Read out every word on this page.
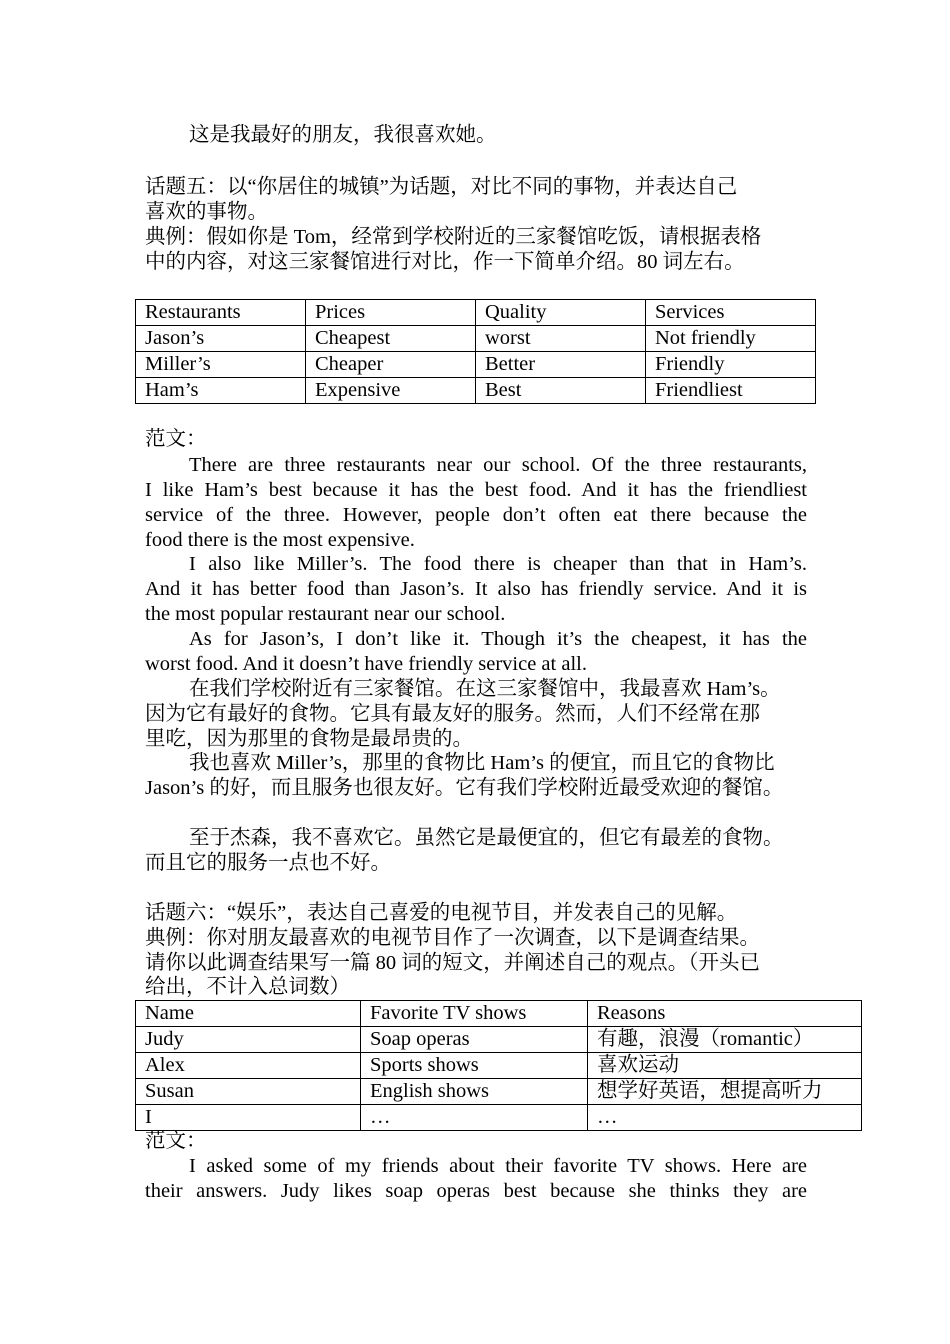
这是我最好的朋友，我很喜欢她。
话题五：以“你居住的城镇”为话题，对比不同的事物，并表达自己
喜欢的事物。
典例：假如你是 Tom，经常到学校附近的三家餐馆吃饭，请根据表格
中的内容，对这三家餐馆进行对比，作一下简单介绍。80 词左右。
Restaurants	Prices	Quality	Services
Jason’s	Cheapest	worst	Not friendly
Miller’s	Cheaper	Better	Friendly
Ham’s	Expensive	Best	Friendliest
范文：
There are three restaurants near our school. Of the three restaurants,
I like Ham’s best because it has the best food. And it has the friendliest
service of the three. However, people don’t often eat there because the
food there is the most expensive.
I also like Miller’s. The food there is cheaper than that in Ham’s.
And it has better food than Jason’s. It also has friendly service. And it is
the most popular restaurant near our school.
As for Jason’s, I don’t like it. Though it’s the cheapest, it has the
worst food. And it doesn’t have friendly service at all.
在我们学校附近有三家餐馆。在这三家餐馆中，我最喜欢 Ham’s。
因为它有最好的食物。它具有最友好的服务。然而，人们不经常在那
里吃，因为那里的食物是最昂贵的。
我也喜欢 Miller’s，那里的食物比 Ham’s 的便宜，而且它的食物比
Jason’s 的好，而且服务也很友好。它有我们学校附近最受欢迎的餐馆。
至于杰森，我不喜欢它。虽然它是最便宜的，但它有最差的食物。
而且它的服务一点也不好。
话题六：“娱乐”，表达自己喜爱的电视节目，并发表自己的见解。
典例：你对朋友最喜欢的电视节目作了一次调查，以下是调查结果。
请你以此调查结果写一篇 80 词的短文，并阐述自己的观点。（开头已
给出，不计入总词数）
Name	Favorite TV shows	Reasons
Judy	Soap operas	有趣，浪漫（romantic）
Alex	Sports shows	喜欢运动
Susan	English shows	想学好英语，想提高听力
I	…	…
范文：
I asked some of my friends about their favorite TV shows. Here are
their answers. Judy likes soap operas best because she thinks they are
